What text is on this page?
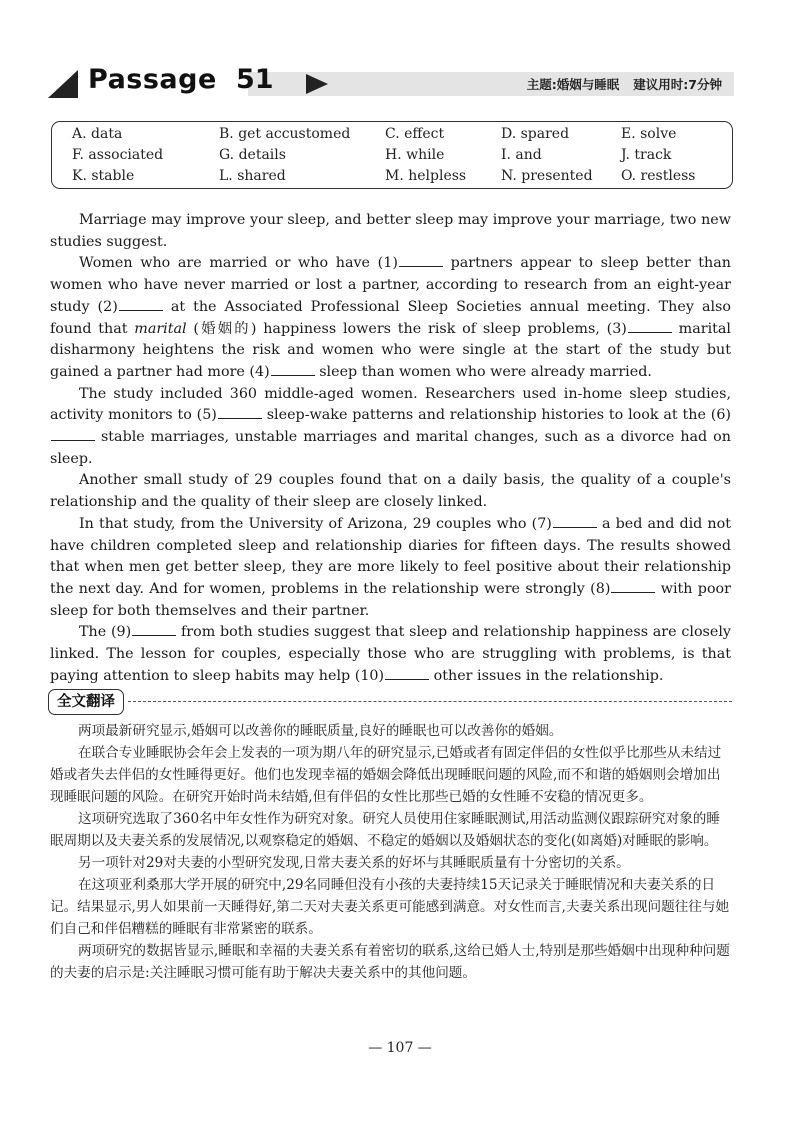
Passage 51	主题:婚姻与睡眠 建议用时:7分钟
A. data	B. get accustomed C. effect	D. spared	E. solve
F. associated	G. details	H. while	I. and	J. track
K. stable	L. shared	M. helpless N. presented O. restless

Marriage may improve your sleep, and better sleep may improve your marriage, two new studies suggest.

Women who are married or who have (1)	partners appear to sleep better than women who have never married or lost a partner, according to research from an eight-year study (2)	at the Associated Professional Sleep Societies annual meeting. They also found that marital (婚姻的) happiness lowers the risk of sleep problems, (3)	marital disharmony heightens the risk and women who were single at the start of the study but gained a partner had more (4)	sleep than women who were already married.

The study included 360 middle-aged women. Researchers used in-home sleep studies, activity monitors to (5)	sleep-wake patterns and relationship histories to look at the (6) stable marriages, unstable marriages and marital changes, such as a divorce had on sleep.

Another small study of 29 couples found that on a daily basis, the quality of a couple's relationship and the quality of their sleep are closely linked.

In that study, from the University of Arizona, 29 couples who (7)	a bed and did not have children completed sleep and relationship diaries for fifteen days. The results showed that when men get better sleep, they are more likely to feel positive about their relationship the next day. And for women, problems in the relationship were strongly (8)	with poor sleep for both themselves and their partner.

The (9)	from both studies suggest that sleep and relationship happiness are closely linked. The lesson for couples, especially those who are struggling with problems, is that paying attention to sleep habits may help (10)	other issues in the relationship.

全文翻译

两项最新研究显示,婚姻可以改善你的睡眠质量,良好的睡眠也可以改善你的婚姻。

在联合专业睡眠协会年会上发表的一项为期八年的研究显示,已婚或者有固定伴侣的女性似乎比那些从未结过婚或者失去伴侣的女性睡得更好。他们也发现幸福的婚姻会降低出现睡眠问题的风险,而不和谐的婚姻则会增加出现睡眠问题的风险。在研究开始时尚未结婚,但有伴侣的女性比那些已婚的女性睡不安稳的情况更多。

这项研究选取了360名中年女性作为研究对象。研究人员使用住家睡眠测试,用活动监测仪跟踪研究对象的睡眠周期以及夫妻关系的发展情况,以观察稳定的婚姻、不稳定的婚姻以及婚姻状态的变化(如离婚)对睡眠的影响。

另一项针对29对夫妻的小型研究发现,日常夫妻关系的好坏与其睡眠质量有十分密切的关系。

在这项亚利桑那大学开展的研究中,29名同睡但没有小孩的夫妻持续15天记录关于睡眠情况和夫妻关系的日记。结果显示,男人如果前一天睡得好,第二天对夫妻关系更可能感到满意。对女性而言,夫妻关系出现问题往往与她们自己和伴侣糟糕的睡眠有非常紧密的联系。

两项研究的数据皆显示,睡眠和幸福的夫妻关系有着密切的联系,这给已婚人士,特别是那些婚姻中出现种种问题的夫妻的启示是:关注睡眠习惯可能有助于解决夫妻关系中的其他问题。

— 107 —
